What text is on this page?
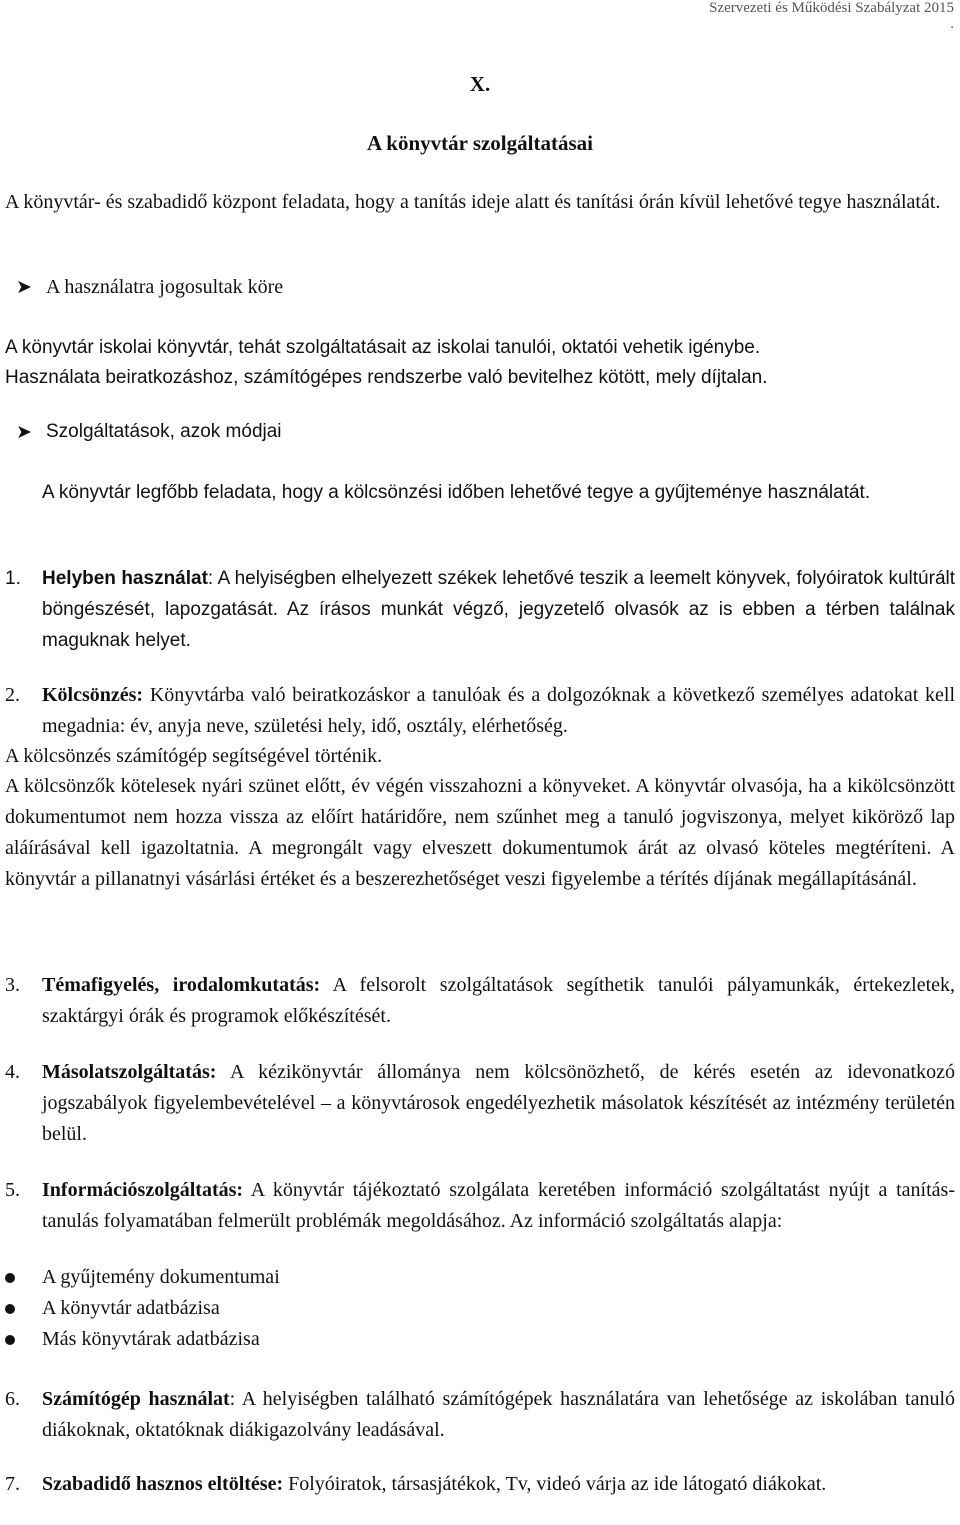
Szervezeti és Működési Szabályzat 2015
.
X.
A könyvtár szolgáltatásai
A könyvtár- és szabadidő központ feladata, hogy a tanítás ideje alatt és tanítási órán kívül lehetővé tegye használatát.
➤ A használatra jogosultak köre
A könyvtár iskolai könyvtár, tehát szolgáltatásait az iskolai tanulói, oktatói vehetik igénybe.
Használata beiratkozáshoz, számítógépes rendszerbe való bevitelhez kötött, mely díjtalan.
➤ Szolgáltatások, azok módjai
A könyvtár legfőbb feladata, hogy a kölcsönzési időben lehetővé tegye a gyűjteménye használatát.
1. Helyben használat: A helyiségben elhelyezett székek lehetővé teszik a leemelt könyvek, folyóiratok kultúrált böngészését, lapozgatását. Az írásos munkát végző, jegyzetelő olvasók az is ebben a térben találnak maguknak helyet.
2. Kölcsönzés: Könyvtárba való beiratkozáskor a tanulóak és a dolgozóknak a következő személyes adatokat kell megadnia: év, anyja neve, születési hely, idő, osztály, elérhetőség.
A kölcsönzés számítógép segítségével történik.
A kölcsönzők kötelesek nyári szünet előtt, év végén visszahozni a könyveket. A könyvtár olvasója, ha a kikölcsönzött dokumentumot nem hozza vissza az előírt határidőre, nem szűnhet meg a tanuló jogviszonya, melyet kiköröző lap aláírásával kell igazoltatnia. A megrongált vagy elveszett dokumentumok árát az olvasó köteles megtéríteni. A könyvtár a pillanatnyi vásárlási értéket és a beszerezhetőséget veszi figyelembe a térítés díjának megállapításánál.
3. Témafigyelés, irodalomkutatás: A felsorolt szolgáltatások segíthetik tanulói pályamunkák, értekezletek, szaktárgyi órák és programok előkészítését.
4. Másolatszolgáltatás: A kézikönyvtár állománya nem kölcsönözhető, de kérés esetén az idevonatkozó jogszabályok figyelembevételével – a könyvtárosok engedélyezhetik másolatok készítését az intézmény területén belül.
5. Információszolgáltatás: A könyvtár tájékoztató szolgálata keretében információ szolgáltatást nyújt a tanítás-tanulás folyamatában felmerült problémák megoldásához. Az információ szolgáltatás alapja:
A gyűjtemény dokumentumai
A könyvtár adatbázisa
Más könyvtárak adatbázisa
6. Számítógép használat: A helyiségben található számítógépek használatára van lehetősége az iskolában tanuló diákoknak, oktatóknak diákigazolvány leadásával.
7. Szabadidő hasznos eltöltése: Folyóiratok, társasjátékok, Tv, videó várja az ide látogató diákokat.
